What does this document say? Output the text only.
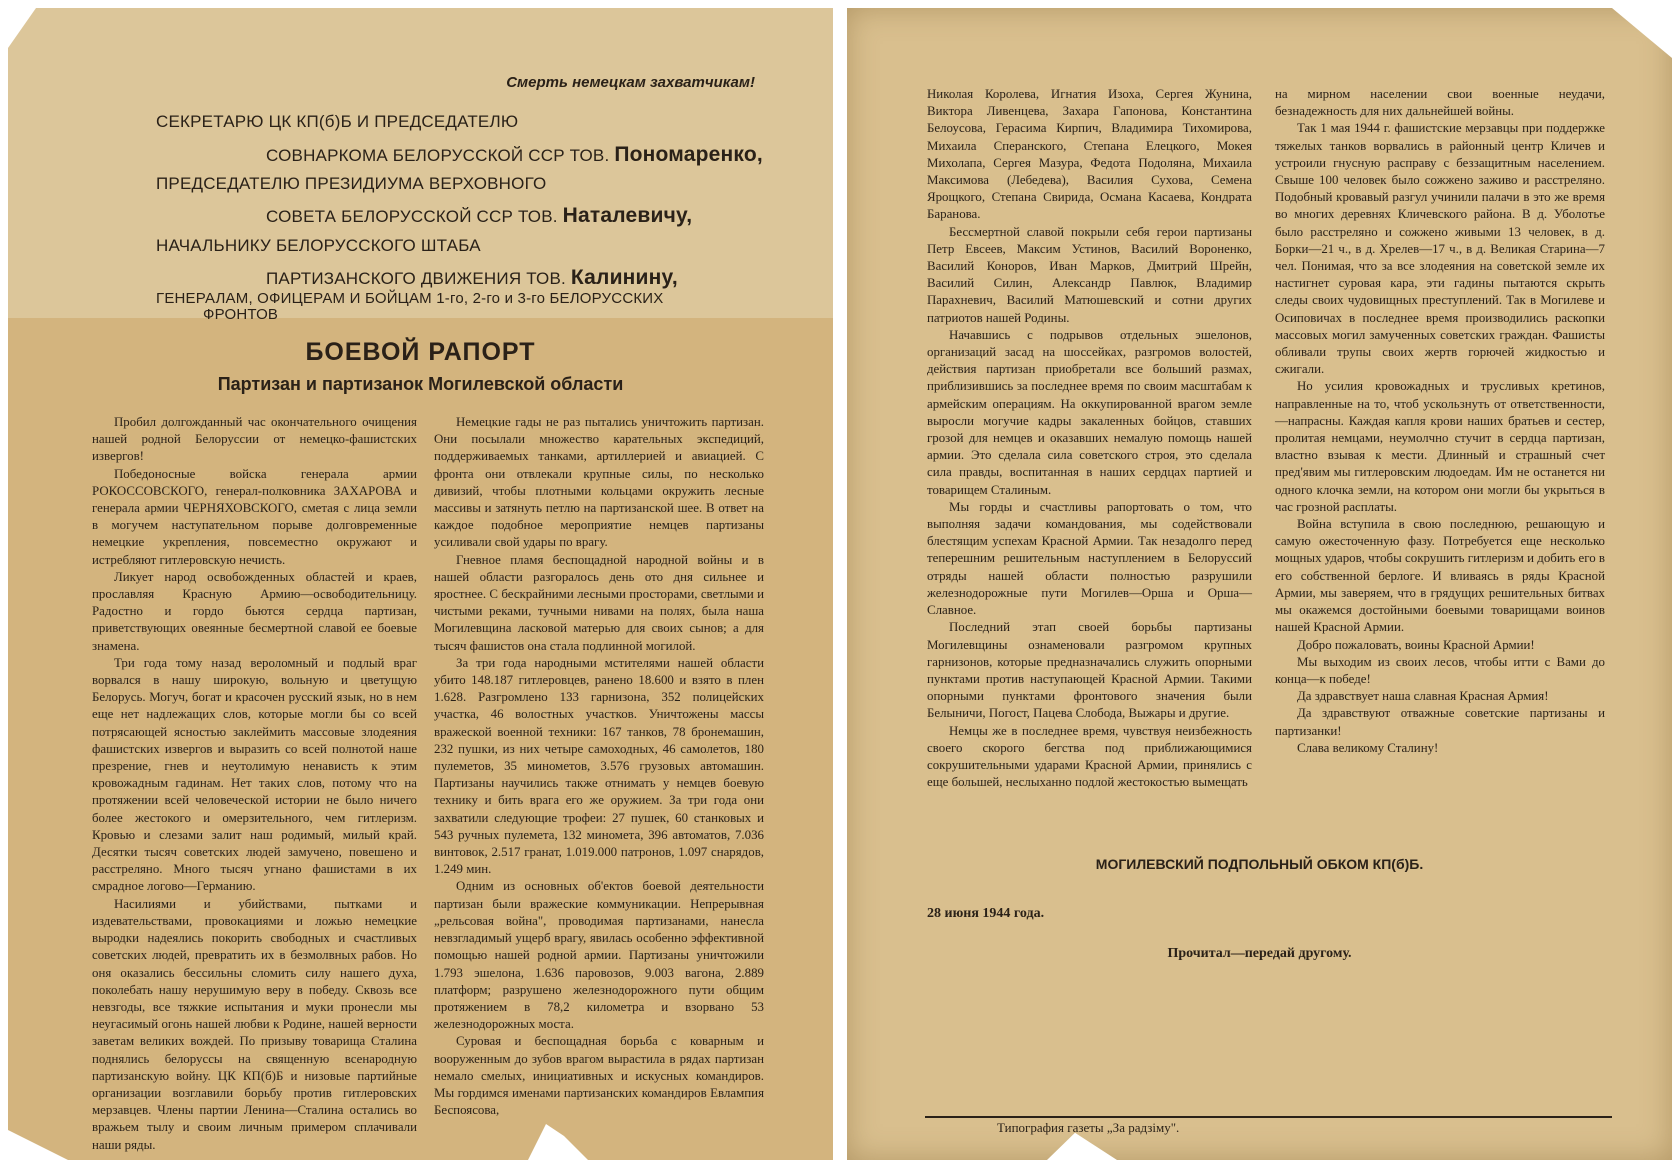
Смерть немецкам захватчикам!
СЕКРЕТАРЮ ЦК КП(б)Б И ПРЕДСЕДАТЕЛЮ
СОВНАРКОМА БЕЛОРУССКОЙ ССР ТОВ. Пономаренко,
ПРЕДСЕДАТЕЛЮ ПРЕЗИДИУМА ВЕРХОВНОГО
СОВЕТА БЕЛОРУССКОЙ ССР ТОВ. Наталевичу,
НАЧАЛЬНИКУ БЕЛОРУССКОГО ШТАБА
ПАРТИЗАНСКОГО ДВИЖЕНИЯ ТОВ. Калинину,
ГЕНЕРАЛАМ, ОФИЦЕРАМ И БОЙЦАМ 1-го, 2-го и 3-го БЕЛОРУССКИХ
ФРОНТОВ
БОЕВОЙ РАПОРТ
Партизан и партизанок Могилевской области

Пробил долгожданный час окончательного очищения нашей родной Белоруссии от немецко-фашистских извергов!

Победоносные войска генерала армии РОКОССОВСКОГО, генерал-полковника ЗАХАРОВА и генерала армии ЧЕРНЯХОВСКОГО, сметая с лица земли в могучем наступательном порыве долговременные немецкие укрепления, повсеместно окружают и истребляют гитлеровскую нечисть.

Ликует народ освобожденных областей и краев, прославляя Красную Армию—освободительницу. Радостно и гордо бьются сердца партизан, приветствующих овеянные бесмертной славой ее боевые знамена.

Три года тому назад вероломный и подлый враг ворвался в нашу широкую, вольную и цветущую Белорусь. Могуч, богат и красочен русский язык, но в нем еще нет надлежащих слов, которые могли бы со всей потрясающей ясностью заклеймить массовые злодеяния фашистских извергов и выразить со всей полнотой наше презрение, гнев и неутолимую ненависть к этим кровожадным гадинам. Нет таких слов, потому что на протяжении всей человеческой истории не было ничего более жестокого и омерзительного, чем гитлеризм. Кровью и слезами залит наш родимый, милый край. Десятки тысяч советских людей замучено, повешено и расстреляно. Много тысяч угнано фашистами в их смрадное логово—Германию.

Насилиями и убийствами, пытками и издевательствами, провокациями и ложью немецкие выродки надеялись покорить свободных и счастливых советских людей, превратить их в безмолвных рабов. Но оня оказались бессильны сломить силу нашего духа, поколебать нашу нерушимую веру в победу. Сквозь все невзгоды, все тяжкие испытания и муки пронесли мы неугасимый огонь нашей любви к Родине, нашей верности заветам великих вождей. По призыву товарища Сталина поднялись белоруссы на священную всенародную партизанскую войну. ЦК КП(б)Б и низовые партийные организации возглавили борьбу против гитлеровских мерзавцев. Члены партии Ленина—Сталина остались во вражьем тылу и своим личным примером сплачивали наши ряды.

Немецкие гады не раз пытались уничтожить партизан. Они посылали множество карательных экспедиций, поддерживаемых танками, артиллерией и авиацией. С фронта они отвлекали крупные силы, по несколько дивизий, чтобы плотными кольцами окружить лесные массивы и затянуть петлю на партизанской шее. В ответ на каждое подобное мероприятие немцев партизаны усиливали свой удары по врагу.

Гневное пламя беспощадной народной войны и в нашей области разгоралось день ото дня сильнее и яростнее. С бескрайними лесными просторами, светлыми и чистыми реками, тучными нивами на полях, была наша Могилевщина ласковой матерью для своих сынов; а для тысяч фашистов она стала подлинной могилой.

За три года народными мстителями нашей области убито 148.187 гитлеровцев, ранено 18.600 и взято в плен 1.628. Разгромлено 133 гарнизона, 352 полицейских участка, 46 волостных участков. Уничтожены массы вражеской военной техники: 167 танков, 78 бронемашин, 232 пушки, из них четыре самоходных, 46 самолетов, 180 пулеметов, 35 минометов, 3.576 грузовых автомашин. Партизаны научились также отнимать у немцев боевую технику и бить врага его же оружием. За три года они захватили следующие трофеи: 27 пушек, 60 станковых и 543 ручных пулемета, 132 миномета, 396 автоматов, 7.036 винтовок, 2.517 гранат, 1.019.000 патронов, 1.097 снарядов, 1.249 мин.

Одним из основных об'ектов боевой деятельности партизан были вражеские коммуникации. Непрерывная „рельсовая война", проводимая партизанами, нанесла невзгладимый ущерб врагу, явилась особенно эффективной помощью нашей родной армии. Партизаны уничтожили 1.793 эшелона, 1.636 паровозов, 9.003 вагона, 2.889 платформ; разрушено железнодорожного пути общим протяжением в 78,2 километра и взорвано 53 железнодорожных моста.

Суровая и беспощадная борьба с коварным и вооруженным до зубов врагом вырастила в рядах партизан немало смелых, инициативных и искусных командиров. Мы гордимся именами партизанских командиров Евлампия Беспоясова,

Николая Королева, Игнатия Изоха, Сергея Жунина, Виктора Ливенцева, Захара Гапонова, Константина Белоусова, Герасима Кирпич, Владимира Тихомирова, Михаила Сперанского, Степана Елецкого, Мокея Михолапа, Сергея Мазура, Федота Подоляна, Михаила Максимова (Лебедева), Василия Сухова, Семена Ярощкого, Степана Свирида, Османа Касаева, Кондрата Баранова.

Бессмертной славой покрыли себя герои партизаны Петр Евсеев, Максим Устинов, Василий Вороненко, Василий Коноров, Иван Марков, Дмитрий Шрейн, Василий Силин, Александр Павлюк, Владимир Парахневич, Василий Матюшевский и сотни других патриотов нашей Родины.

Начавшись с подрывов отдельных эшелонов, организаций засад на шоссейках, разгромов волостей, действия партизан приобретали все больший размах, приблизившись за последнее время по своим масштабам к армейским операциям. На оккупированной врагом земле выросли могучие кадры закаленных бойцов, ставших грозой для немцев и оказавших немалую помощь нашей армии. Это сделала сила советского строя, это сделала сила правды, воспитанная в наших сердцах партией и товарищем Сталиным.

Мы горды и счастливы рапортовать о том, что выполняя задачи командования, мы содействовали блестящим успехам Красной Армии. Так незадолго перед теперешним решительным наступлением в Белоруссий отряды нашей области полностью разрушили железнодорожные пути Могилев—Орша и Орша—Славное.

Последний этап своей борьбы партизаны Могилевщины ознаменовали разгромом крупных гарнизонов, которые предназначались служить опорными пунктами против наступающей Красной Армии. Такими опорными пунктами фронтового значения были Белыничи, Погост, Пацева Слобода, Выжары и другие.

Немцы же в последнее время, чувствуя неизбежность своего скорого бегства под приближающимися сокрушительными ударами Красной Армии, принялись с еще большей, неслыханно подлой жестокостью вымещать

на мирном населении свои военные неудачи, безнадежность для них дальнейшей войны.

Так 1 мая 1944 г. фашистские мерзавцы при поддержке тяжелых танков ворвались в районный центр Кличев и устроили гнусную расправу с беззащитным населением. Свыше 100 человек было сожжено заживо и расстреляно. Подобный кровавый разгул учинили палачи в это же время во многих деревнях Кличевского района. В д. Уболотье было расстреляно и сожжено живыми 13 человек, в д. Борки—21 ч., в д. Хрелев—17 ч., в д. Великая Старина—7 чел. Понимая, что за все злодеяния на советской земле их настигнет суровая кара, эти гадины пытаются скрыть следы своих чудовищных преступлений. Так в Могилеве и Осиповичах в последнее время производились раскопки массовых могил замученных советских граждан. Фашисты обливали трупы своих жертв горючей жидкостью и сжигали.

Но усилия кровожадных и трусливых кретинов, направленные на то, чтоб ускользнуть от ответственности,—напрасны. Каждая капля крови наших братьев и сестер, пролитая немцами, неумолчно стучит в сердца партизан, властно взывая к мести. Длинный и страшный счет пред'явим мы гитлеровским людоедам. Им не останется ни одного клочка земли, на котором они могли бы укрыться в час грозной расплаты.

Война вступила в свою последнюю, решающую и самую ожесточенную фазу. Потребуется еще несколько мощных ударов, чтобы сокрушить гитлеризм и добить его в его собственной берлоге. И вливаясь в ряды Красной Армии, мы заверяем, что в грядущих решительных битвах мы окажемся достойными боевыми товарищами воинов нашей Красной Армии.

Добро пожаловать, воины Красной Армии!

Мы выходим из своих лесов, чтобы итти с Вами до конца—к победе!

Да здравствует наша славная Красная Армия!

Да здравствуют отважные советские партизаны и партизанки!

Слава великому Сталину!

МОГИЛЕВСКИЙ ПОДПОЛЬНЫЙ ОБКОМ КП(б)Б.
28 июня 1944 года.
Прочитал—передай другому.
Типография газеты „За радзіму".
